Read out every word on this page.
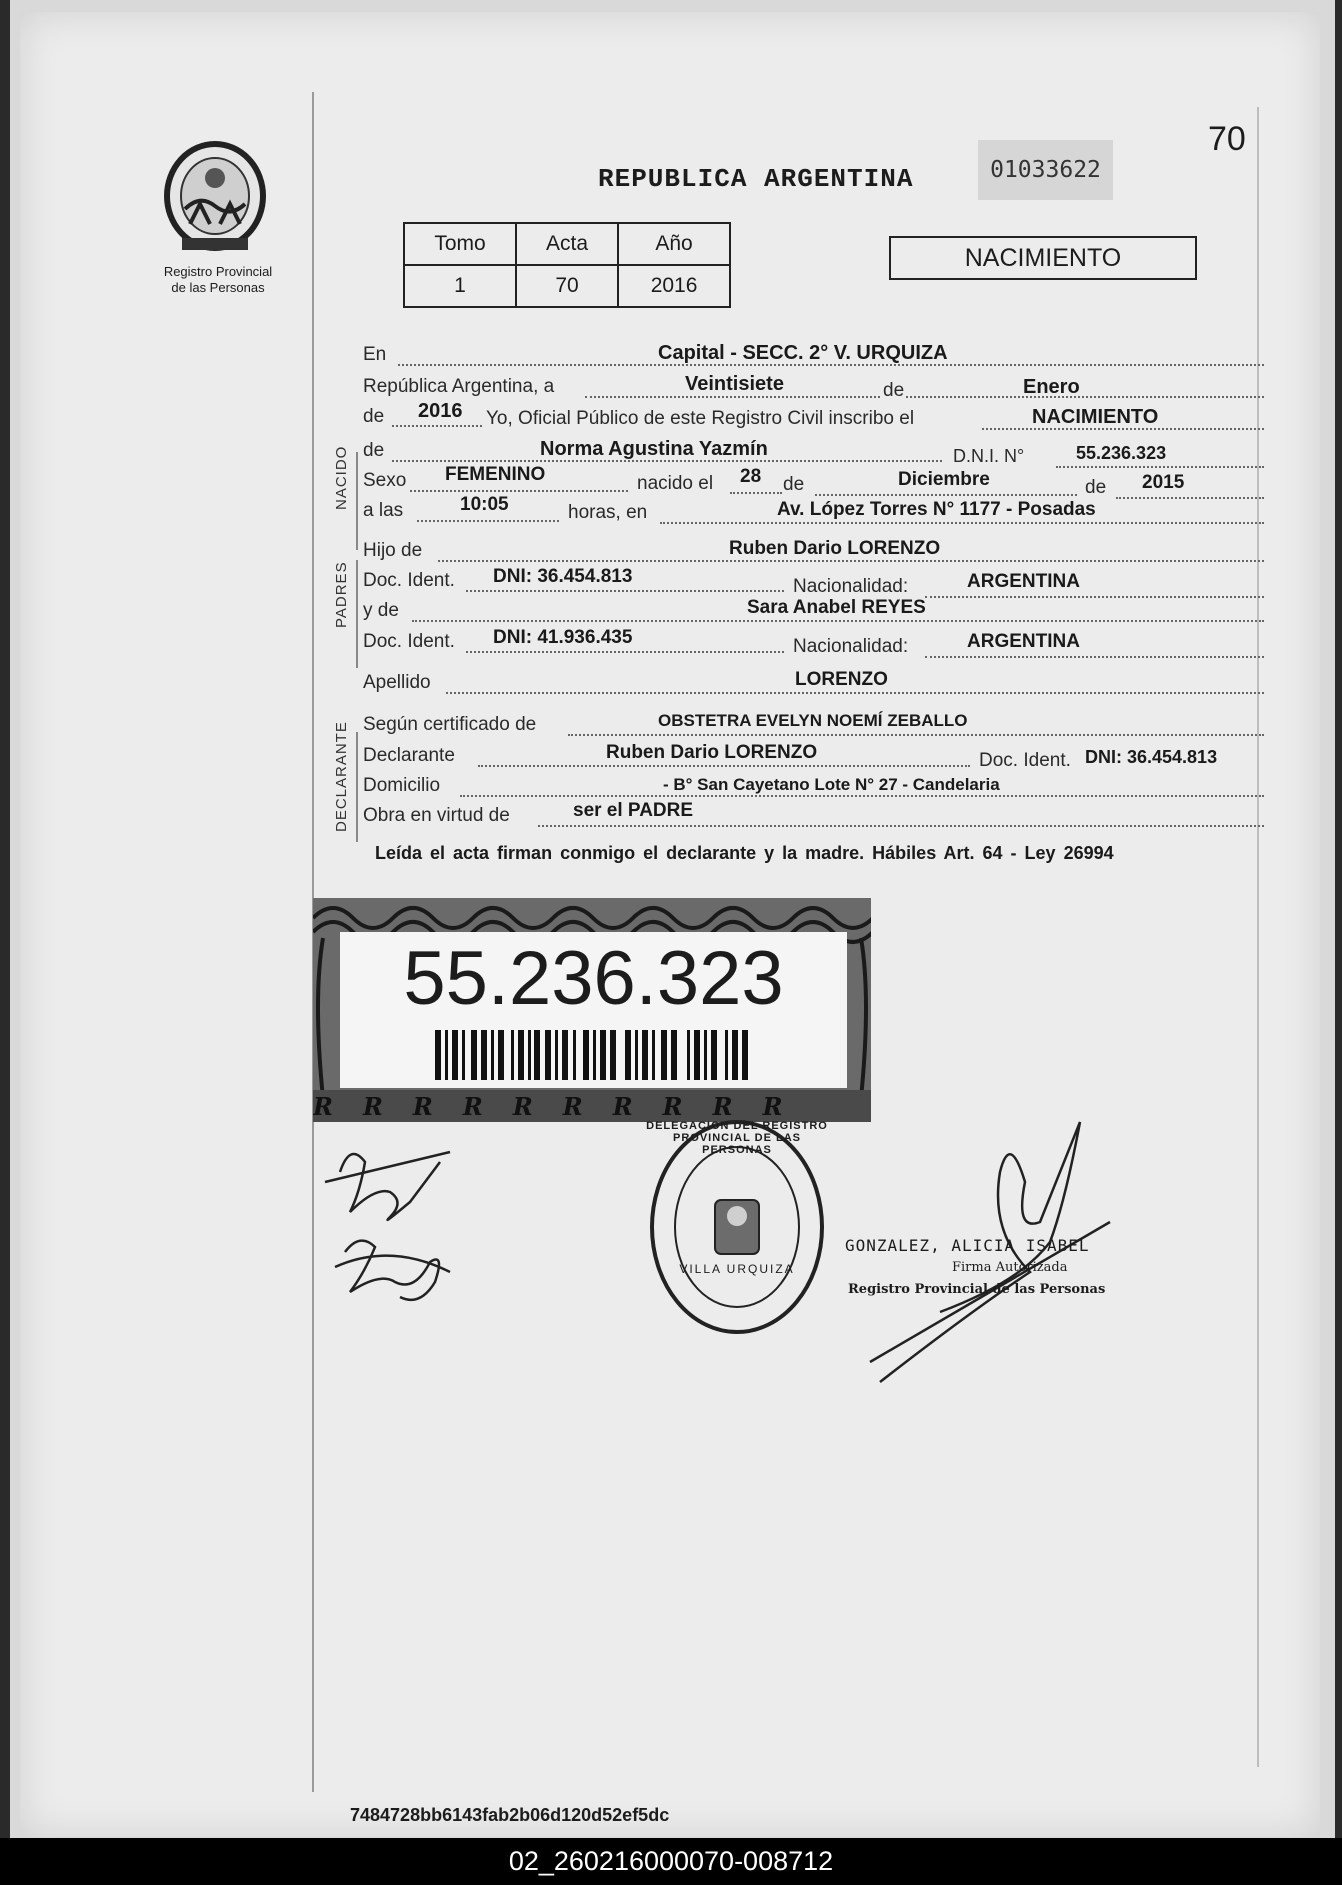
70
Registro Provincial
de las Personas
REPUBLICA ARGENTINA	01033622
Tomo	Acta	Año
1	70	2016
NACIMIENTO
NACIDO
PADRES
DECLARANTE
En	Capital - SECC. 2° V. URQUIZA
República Argentina, a	Veintisiete	de	Enero
de 2016 Yo, Oficial Público de este Registro Civil inscribo el	NACIMIENTO
de	Norma Agustina Yazmín	D.N.I. N°	55.236.323
Sexo FEMENINO	nacido el 28 de	Diciembre	de 2015
a las	10:05	horas, en	Av. López Torres N° 1177 - Posadas
Hijo de	Ruben Dario LORENZO
Doc. Ident. DNI: 36.454.813	Nacionalidad:	ARGENTINA
y de	Sara Anabel REYES
Doc. Ident. DNI: 41.936.435	Nacionalidad:	ARGENTINA
Apellido	LORENZO
Según certificado de	OBSTETRA EVELYN NOEMÍ ZEBALLO
Declarante	Ruben Dario LORENZO	Doc. Ident. DNI: 36.454.813
Domicilio	- B° San Cayetano Lote N° 27 - Candelaria
Obra en virtud de	ser el PADRE
Leída el acta firman conmigo el declarante y la madre. Hábiles Art. 64 - Ley 26994
RRRRRRRRRR
55.236.323
DELEGACION DEL REGISTRO PROVINCIAL DE LAS PERSONAS
VILLA URQUIZA
GONZALEZ, ALICIA ISABEL
Firma Autorizada
Registro Provincial de las Personas
7484728bb6143fab2b06d120d52ef5dc
02_260216000070-008712
